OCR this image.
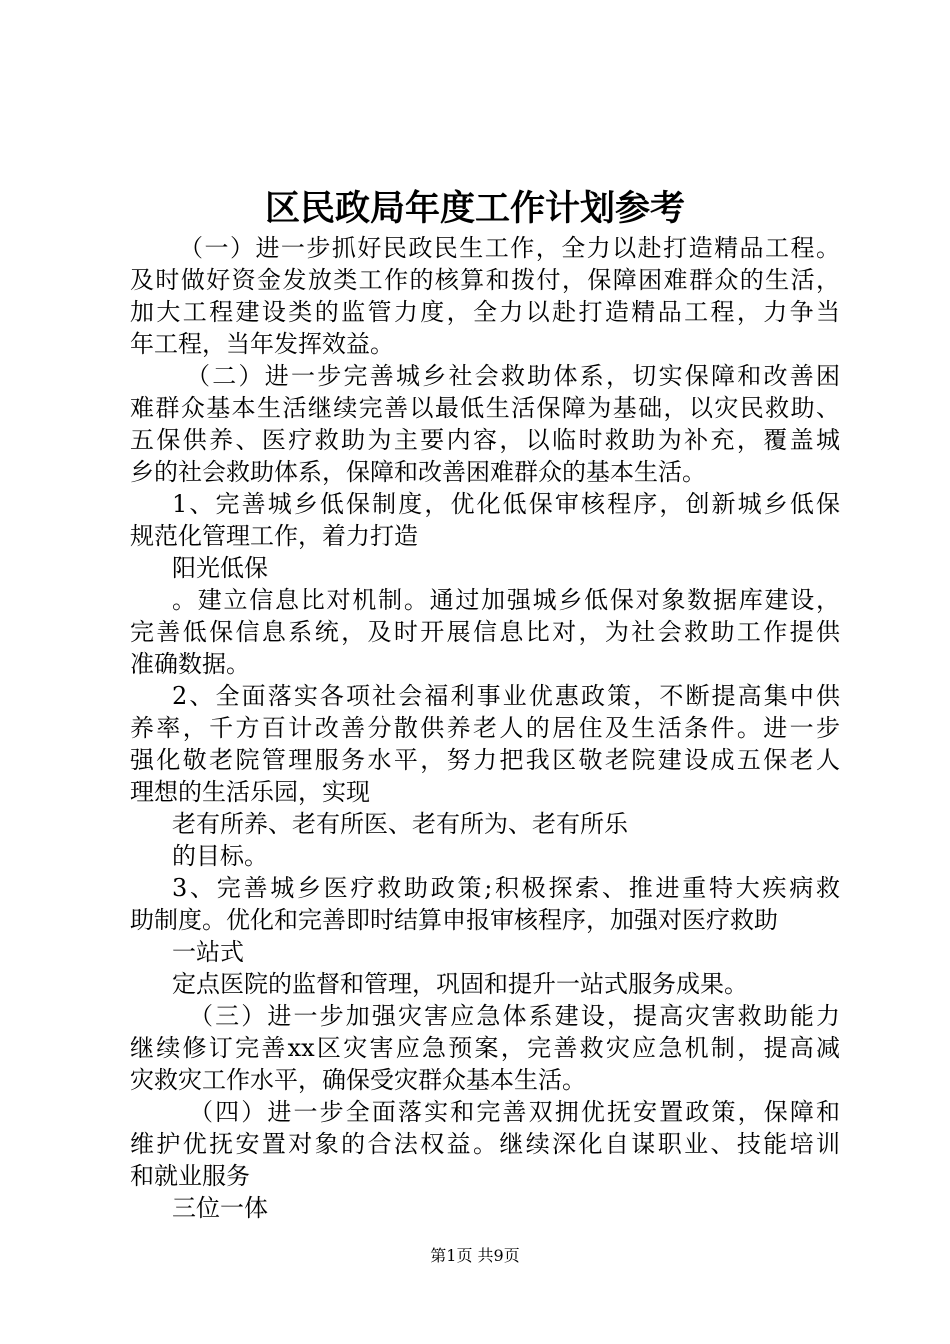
区民政局年度工作计划参考
（一）进一步抓好民政民生工作，全力以赴打造精品工程。
及时做好资金发放类工作的核算和拨付，保障困难群众的生活，
加大工程建设类的监管力度，全力以赴打造精品工程，力争当
年工程，当年发挥效益。
（二）进一步完善城乡社会救助体系，切实保障和改善困
难群众基本生活继续完善以最低生活保障为基础，以灾民救助、
五保供养、医疗救助为主要内容，以临时救助为补充，覆盖城
乡的社会救助体系，保障和改善困难群众的基本生活。
1、完善城乡低保制度，优化低保审核程序，创新城乡低保
规范化管理工作，着力打造
阳光低保
。建立信息比对机制。通过加强城乡低保对象数据库建设，
完善低保信息系统，及时开展信息比对，为社会救助工作提供
准确数据。
2、全面落实各项社会福利事业优惠政策，不断提高集中供
养率，千方百计改善分散供养老人的居住及生活条件。进一步
强化敬老院管理服务水平，努力把我区敬老院建设成五保老人
理想的生活乐园，实现
老有所养、老有所医、老有所为、老有所乐
的目标。
3、完善城乡医疗救助政策;积极探索、推进重特大疾病救
助制度。优化和完善即时结算申报审核程序，加强对医疗救助
一站式
定点医院的监督和管理，巩固和提升一站式服务成果。
（三）进一步加强灾害应急体系建设，提高灾害救助能力
继续修订完善xx区灾害应急预案，完善救灾应急机制，提高减
灾救灾工作水平，确保受灾群众基本生活。
（四）进一步全面落实和完善双拥优抚安置政策，保障和
维护优抚安置对象的合法权益。继续深化自谋职业、技能培训
和就业服务
三位一体
第1页 共9页
